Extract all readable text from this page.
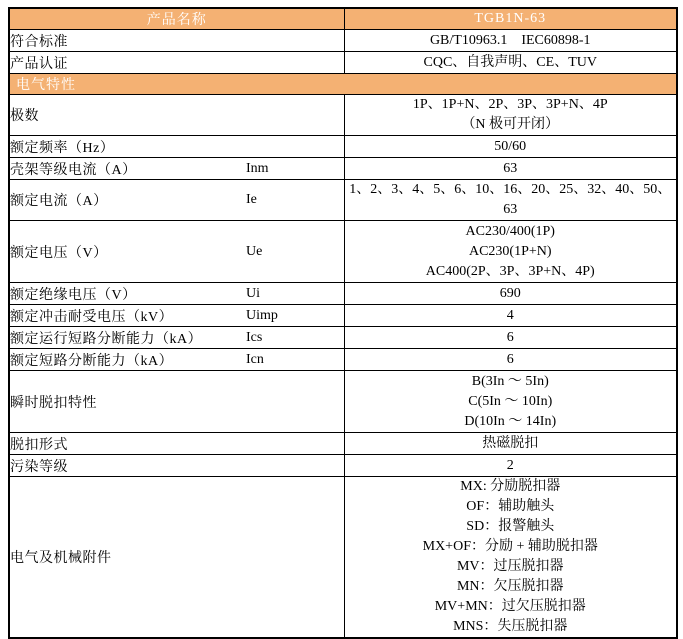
产品名称	TGB1N-63
符合标准	GB/T10963.1    IEC60898-1

产品认证	CQC、自我声明、CE、TUV

电气特性	
极数	1P、1P+N、2P、3P、3P+N、4P
（N 极可开闭）

额定频率（Hz）	50/60

壳架等级电流（A） Inm	63

额定电流（A） Ie	1、2、3、4、5、6、10、16、20、25、32、40、50、63

额定电压（V） Ue	AC230/400(1P)
AC230(1P+N)
AC400(2P、3P、3P+N、4P)

额定绝缘电压（V） Ui	690

额定冲击耐受电压（kV） Uimp	4

额定运行短路分断能力（kA） Ics	6

额定短路分断能力（kA） Icn	6

瞬时脱扣特性	B(3In ～ 5In)
C(5In ～ 10In)
D(10In ～ 14In)

脱扣形式	热磁脱扣

污染等级	2

电气及机械附件	
MX: 分励脱扣器
OF：辅助触头
SD：报警触头
MX+OF：分励 + 辅助脱扣器
MV：过压脱扣器
MN：欠压脱扣器
MV+MN：过欠压脱扣器
MNS：失压脱扣器
